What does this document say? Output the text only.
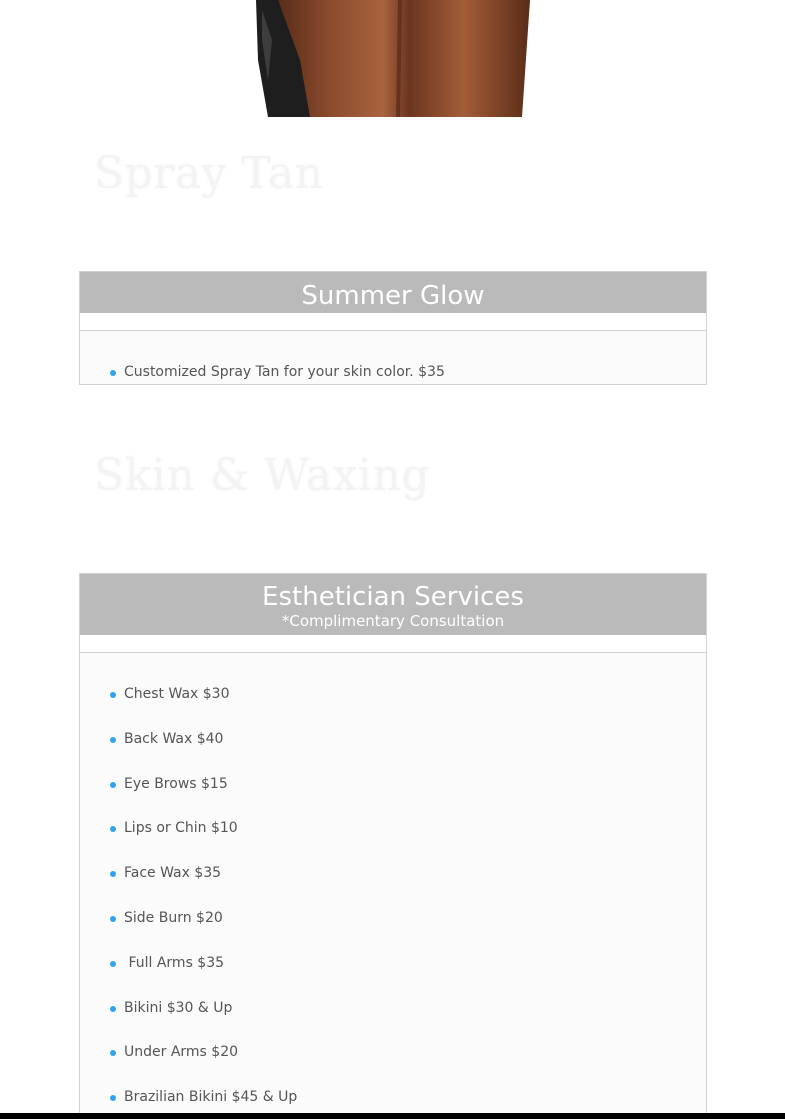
Spray Tan
Summer Glow
Customized Spray Tan for your skin color. $35
Skin & Waxing
Esthetician Services
*Complimentary Consultation
Chest Wax $30
Back Wax $40
Eye Brows $15
Lips or Chin $10
Face Wax $35
Side Burn $20
Full Arms $35
Bikini $30 & Up
Under Arms $20
Brazilian Bikini $45 & Up
